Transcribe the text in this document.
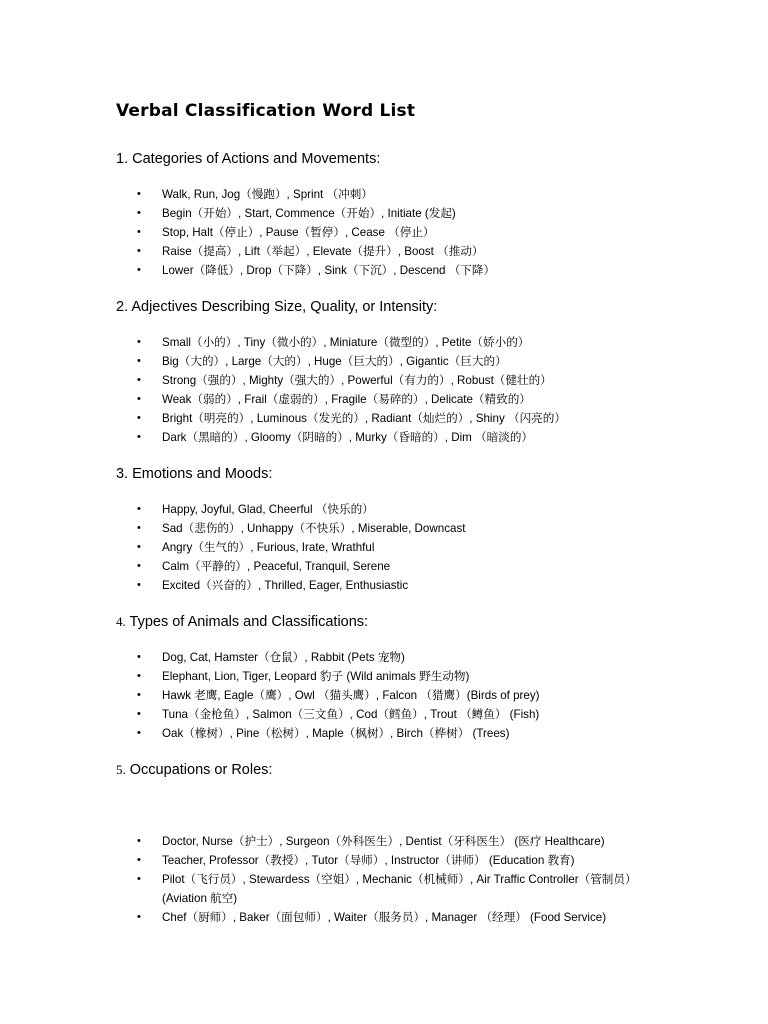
Verbal Classification Word List
1. Categories of Actions and Movements:
• Walk, Run, Jog（慢跑）, Sprint （冲刺）
• Begin（开始）, Start, Commence（开始）, Initiate (发起)
• Stop, Halt（停止）, Pause（暂停）, Cease （停止）
• Raise（提高）, Lift（举起）, Elevate（提升）, Boost （推动）
• Lower（降低）, Drop（下降）, Sink（下沉）, Descend （下降）
2. Adjectives Describing Size, Quality, or Intensity:
• Small（小的）, Tiny（微小的）, Miniature（微型的）, Petite（娇小的）
• Big（大的）, Large（大的）, Huge（巨大的）, Gigantic（巨大的）
• Strong（强的）, Mighty（强大的）, Powerful（有力的）, Robust（健壮的）
• Weak（弱的）, Frail（虚弱的）, Fragile（易碎的）, Delicate（精致的）
• Bright（明亮的）, Luminous（发光的）, Radiant（灿烂的）, Shiny （闪亮的）
• Dark（黑暗的）, Gloomy（阴暗的）, Murky（昏暗的）, Dim （暗淡的）
3. Emotions and Moods:
• Happy, Joyful, Glad, Cheerful （快乐的）
• Sad（悲伤的）, Unhappy（不快乐）, Miserable, Downcast
• Angry（生气的）, Furious, Irate, Wrathful
• Calm（平静的）, Peaceful, Tranquil, Serene
• Excited（兴奋的）, Thrilled, Eager, Enthusiastic
4. Types of Animals and Classifications:
• Dog, Cat, Hamster（仓鼠）, Rabbit (Pets 宠物)
• Elephant, Lion, Tiger, Leopard 豹子 (Wild animals 野生动物)
• Hawk 老鹰, Eagle（鹰）, Owl （猫头鹰）, Falcon （猎鹰）(Birds of prey)
• Tuna（金枪鱼）, Salmon（三文鱼）, Cod（鳕鱼）, Trout （鳟鱼） (Fish)
• Oak（橡树）, Pine（松树）, Maple（枫树）, Birch（桦树） (Trees)
5. Occupations or Roles:
• Doctor, Nurse（护士）, Surgeon（外科医生）, Dentist（牙科医生） (医疗 Healthcare)
• Teacher, Professor（教授）, Tutor（导师）, Instructor（讲师） (Education 教育)
• Pilot（飞行员）, Stewardess（空姐）, Mechanic（机械师）, Air Traffic Controller（管制员） (Aviation 航空)
• Chef（厨师）, Baker（面包师）, Waiter（服务员）, Manager （经理） (Food Service)
